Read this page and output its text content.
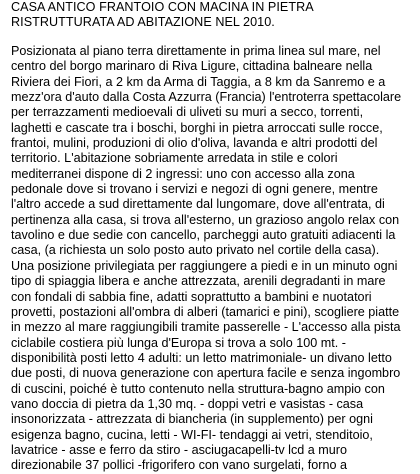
CASA ANTICO FRANTOIO CON MACINA IN PIETRA
RISTRUTTURATA AD ABITAZIONE NEL 2010.

Posizionata al piano terra direttamente in prima linea sul mare, nel
centro del borgo marinaro di Riva Ligure, cittadina balneare nella
Riviera dei Fiori, a 2 km da Arma di Taggia, a 8 km da Sanremo e a
mezz'ora d'auto dalla Costa Azzurra (Francia) l'entroterra spettacolare
per terrazzamenti medioevali di uliveti su muri a secco, torrenti,
laghetti e cascate tra i boschi, borghi in pietra arroccati sulle rocce,
frantoi, mulini, produzioni di olio d'oliva, lavanda e altri prodotti del
territorio. L'abitazione sobriamente arredata in stile e colori
mediterranei dispone di 2 ingressi: uno con accesso alla zona
pedonale dove si trovano i servizi e negozi di ogni genere, mentre
l'altro accede a sud direttamente dal lungomare, dove all'entrata, di
pertinenza alla casa, si trova all'esterno, un grazioso angolo relax con
tavolino e due sedie con cancello, parcheggi auto gratuiti adiacenti la
casa, (a richiesta un solo posto auto privato nel cortile della casa).
Una posizione privilegiata per raggiungere a piedi e in un minuto ogni
tipo di spiaggia libera e anche attrezzata, arenili degradanti in mare
con fondali di sabbia fine, adatti soprattutto a bambini e nuotatori
provetti, postazioni all'ombra di alberi (tamarici e pini), scogliere piatte
in mezzo al mare raggiungibili tramite passerelle - L'accesso alla pista
ciclabile costiera più lunga d'Europa si trova a solo 100 mt. -
disponibilità posti letto 4 adulti: un letto matrimoniale- un divano letto
due posti, di nuova generazione con apertura facile e senza ingombro
di cuscini, poiché è tutto contenuto nella struttura-bagno ampio con
vano doccia di pietra da 1,30 mq. - doppi vetri e vasistas - casa
insonorizzata - attrezzata di biancheria (in supplemento) per ogni
esigenza bagno, cucina, letti - WI-FI- tendaggi ai vetri, stenditoio,
lavatrice - asse e ferro da stiro - asciugacapelli-tv lcd a muro
direzionabile 37 pollici -frigorifero con vano surgelati, forno a
